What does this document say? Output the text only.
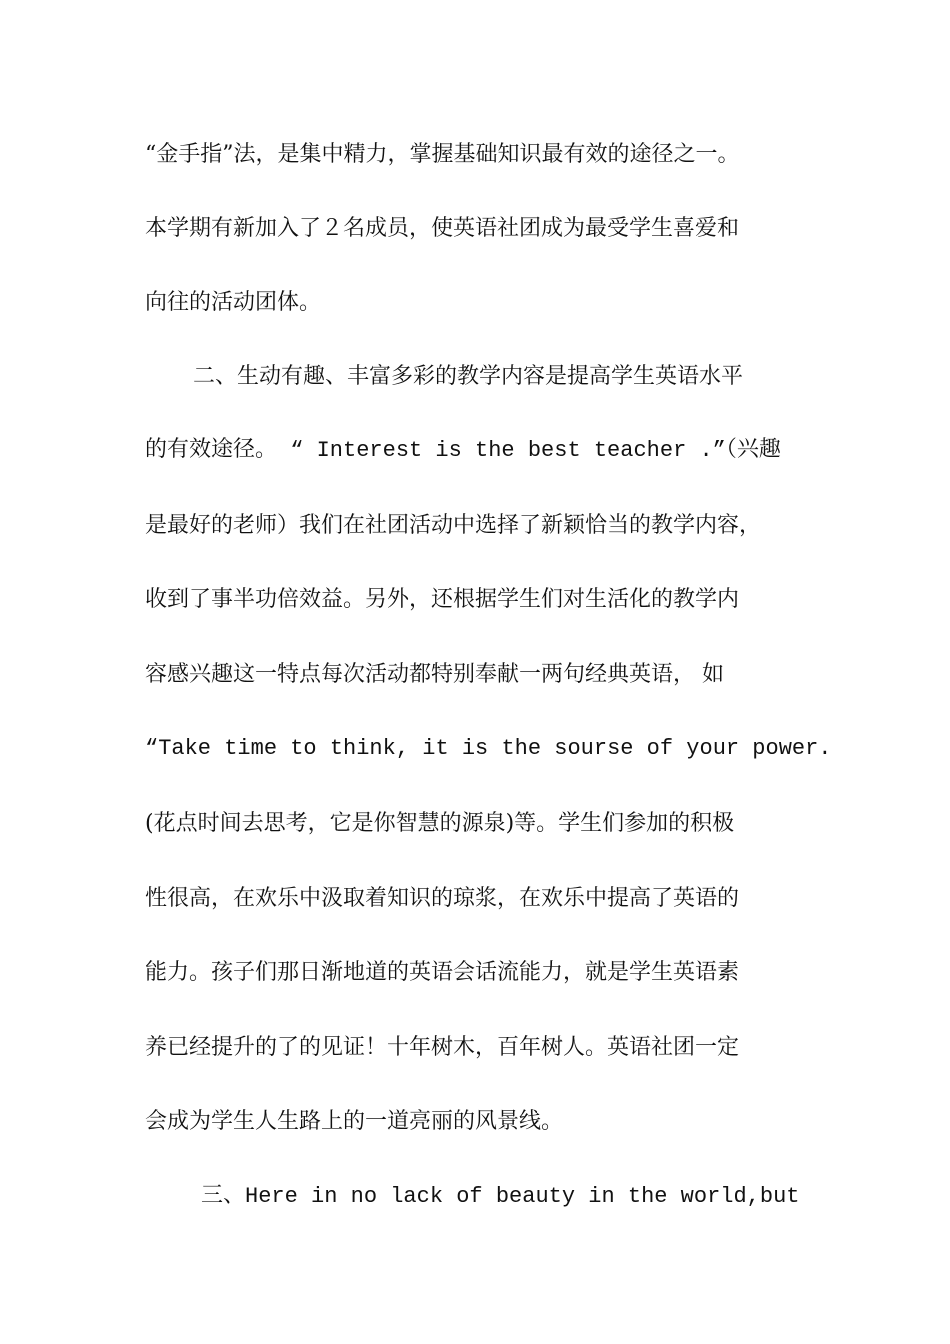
“金手指”法，是集中精力，掌握基础知识最有效的途径之一。
本学期有新加入了２名成员，使英语社团成为最受学生喜爱和
向往的活动团体。
二、生动有趣、丰富多彩的教学内容是提高学生英语水平
的有效途径。 “ Interest is the best teacher .”（兴趣
是最好的老师）我们在社团活动中选择了新颖恰当的教学内容，
收到了事半功倍效益。另外，还根据学生们对生活化的教学内
容感兴趣这一特点每次活动都特别奉献一两句经典英语， 如
“Take time to think, it is the sourse of your power.
(花点时间去思考，它是你智慧的源泉)等。学生们参加的积极
性很高，在欢乐中汲取着知识的琼浆，在欢乐中提高了英语的
能力。孩子们那日渐地道的英语会话流能力，就是学生英语素
养已经提升的了的见证！十年树木，百年树人。英语社团一定
会成为学生人生路上的一道亮丽的风景线。
三、Here in no lack of beauty in the world,but
